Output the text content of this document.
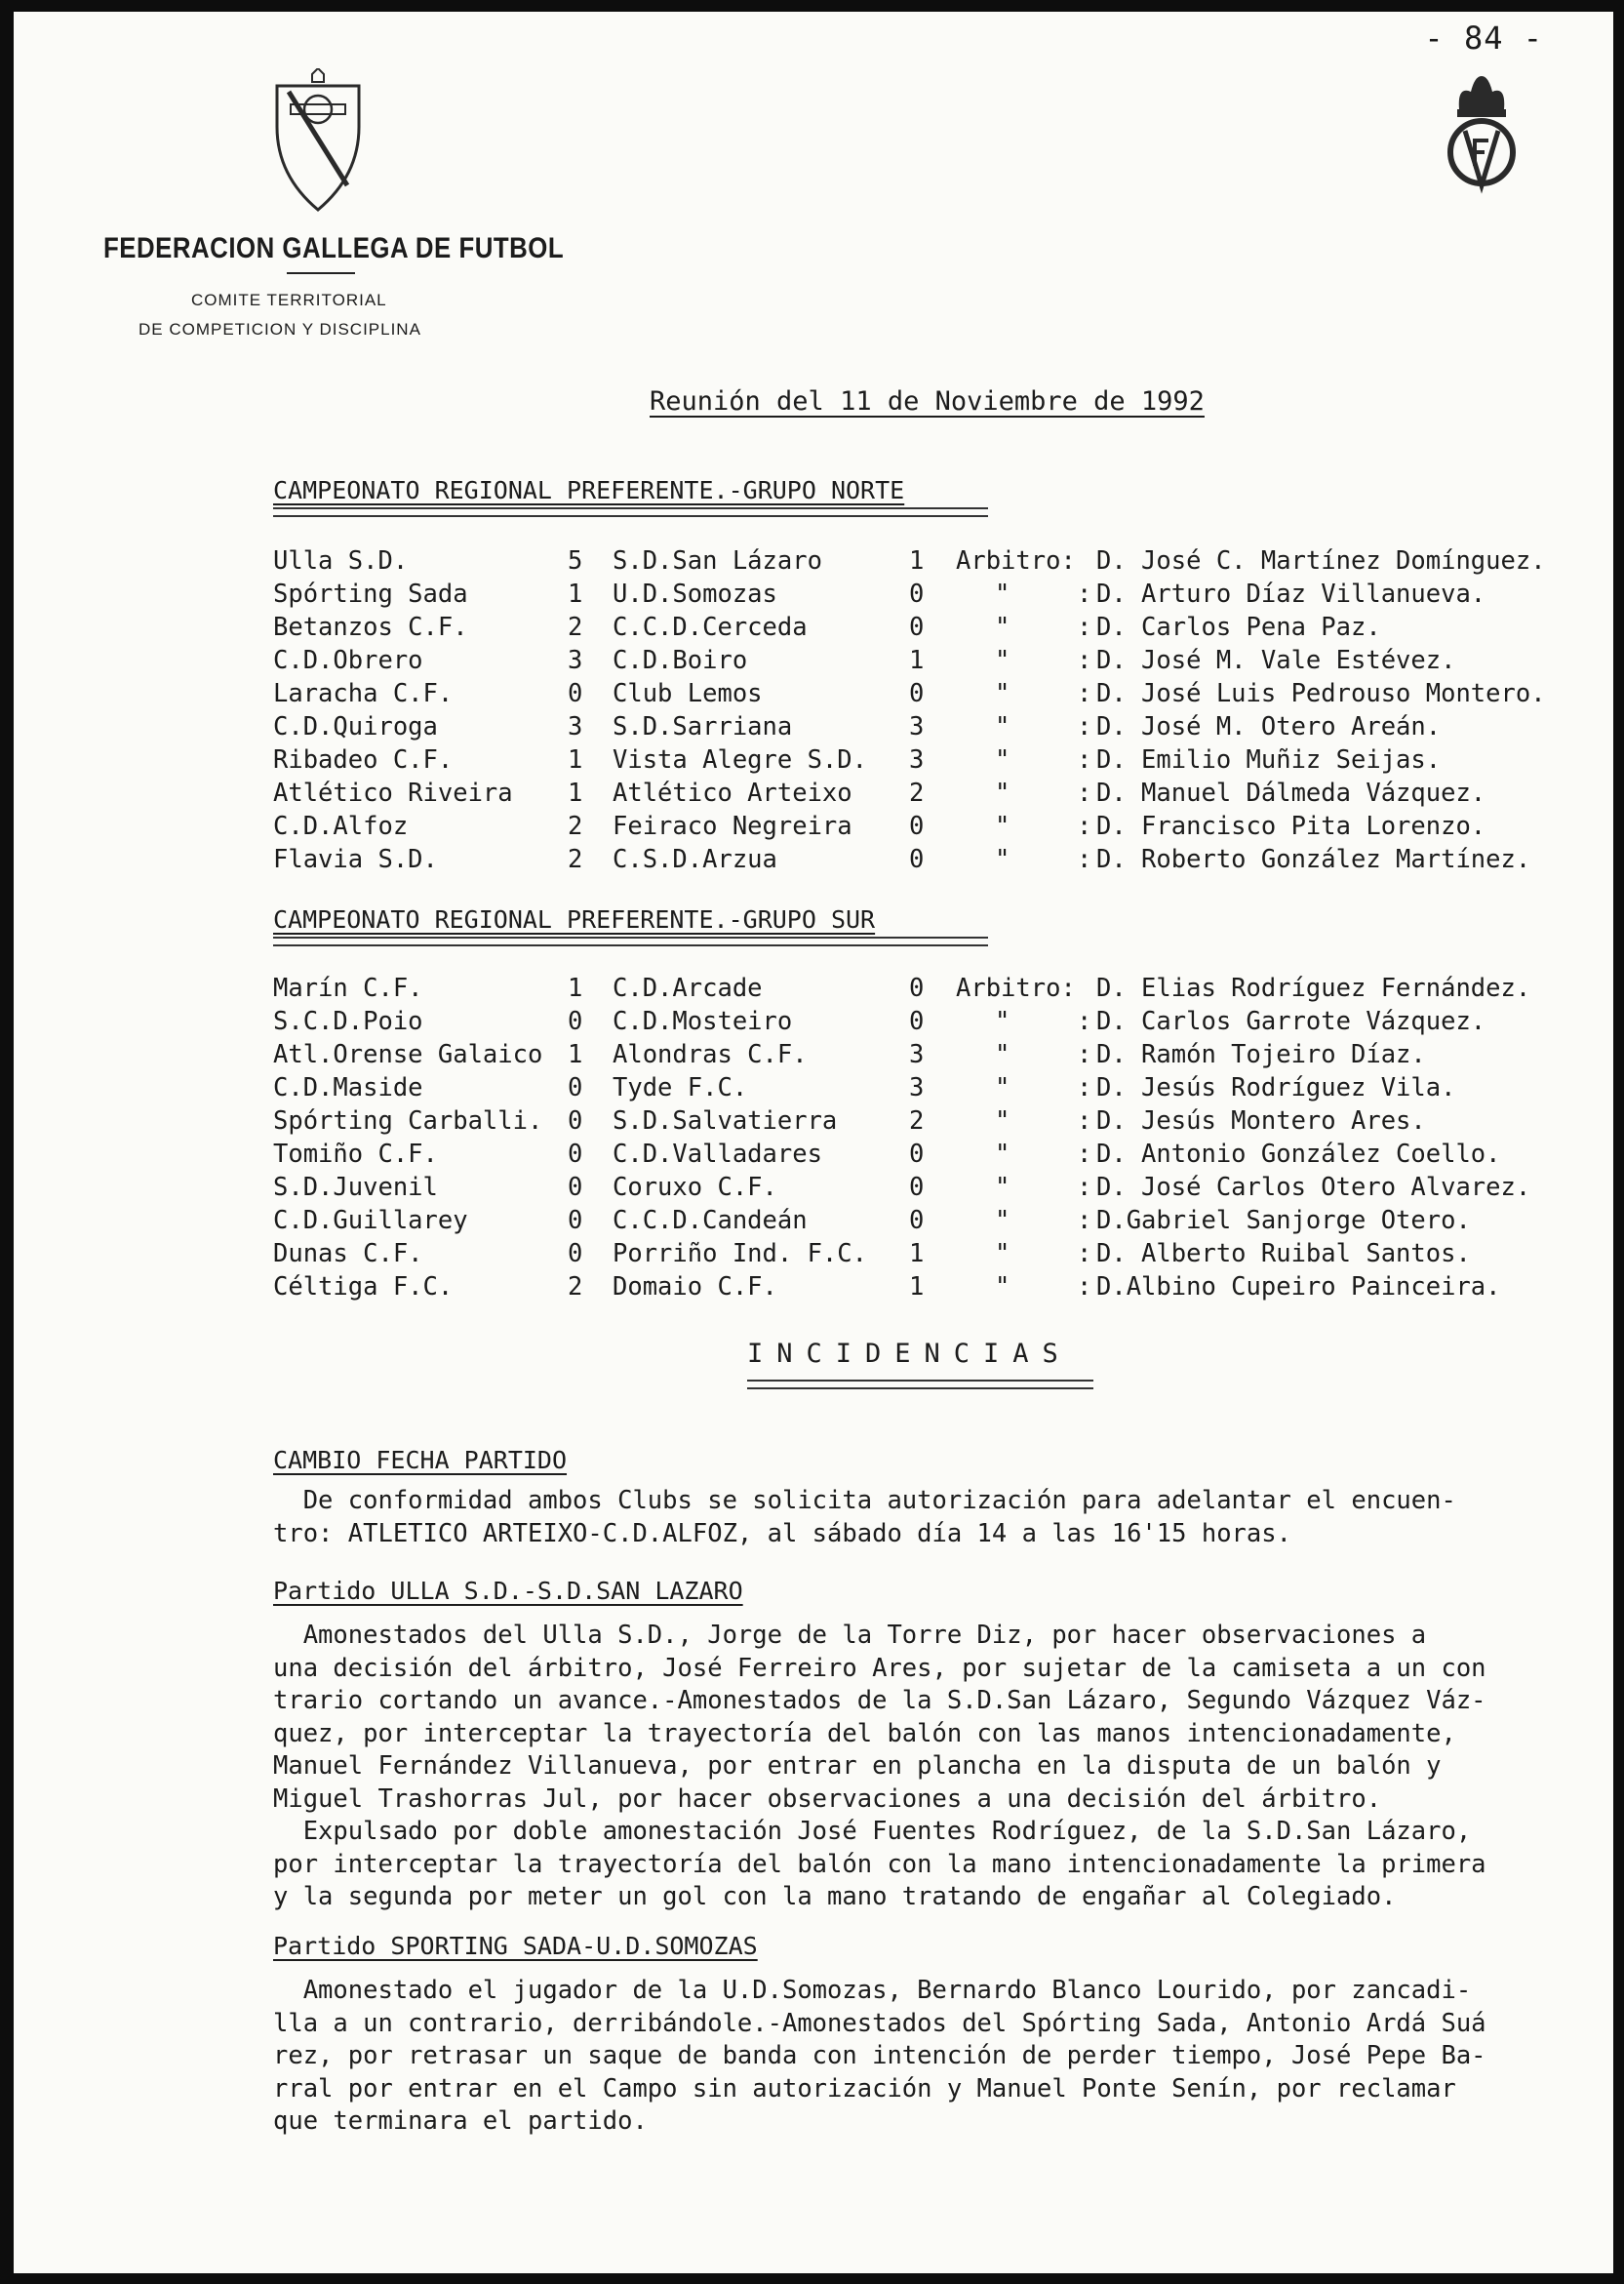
- 84 -
FEDERACION GALLEGA DE FUTBOL
COMITE TERRITORIAL
DE COMPETICION Y DISCIPLINA
Reunión del 11 de Noviembre de 1992
CAMPEONATO REGIONAL PREFERENTE.-GRUPO NORTE
Ulla S.D.	5 S.D.San Lázaro	1 Arbitro: D. José C. Martínez Domínguez.
Spórting Sada	1 U.D.Somozas	0	"	: D. Arturo Díaz Villanueva.
Betanzos C.F.	2 C.C.D.Cerceda	0	"	: D. Carlos Pena Paz.
C.D.Obrero	3 C.D.Boiro	1	"	: D. José M. Vale Estévez.
Laracha C.F.	0 Club Lemos	0	"	: D. José Luis Pedrouso Montero.
C.D.Quiroga	3 S.D.Sarriana	3	"	: D. José M. Otero Areán.
Ribadeo C.F.	1 Vista Alegre S.D. 3	"	: D. Emilio Muñiz Seijas.
Atlético Riveira 1 Atlético Arteixo 2	"	: D. Manuel Dálmeda Vázquez.
C.D.Alfoz	2 Feiraco Negreira 0	"	: D. Francisco Pita Lorenzo.
Flavia S.D.	2 C.S.D.Arzua	0	"	: D. Roberto González Martínez.
CAMPEONATO REGIONAL PREFERENTE.-GRUPO SUR
Marín C.F.	1 C.D.Arcade	0 Arbitro: D. Elias Rodríguez Fernández.
S.C.D.Poio	0 C.D.Mosteiro	0	"	: D. Carlos Garrote Vázquez.
Atl.Orense Galaico 1 Alondras C.F.	3	"	: D. Ramón Tojeiro Díaz.
C.D.Maside	0 Tyde F.C.	3	"	: D. Jesús Rodríguez Vila.
Spórting Carballi. 0 S.D.Salvatierra	2	"	: D. Jesús Montero Ares.
Tomiño C.F.	0 C.D.Valladares	0	"	: D. Antonio González Coello.
S.D.Juvenil	0 Coruxo C.F.	0	"	: D. José Carlos Otero Alvarez.
C.D.Guillarey	0 C.C.D.Candeán	0	"	: D.Gabriel Sanjorge Otero.
Dunas C.F.	0 Porriño Ind. F.C. 1	"	: D. Alberto Ruibal Santos.
Céltiga F.C.	2 Domaio C.F.	1	"	: D.Albino Cupeiro Painceira.
INCIDENCIAS
CAMBIO FECHA PARTIDO
De conformidad ambos Clubs se solicita autorización para adelantar el encuen-
tro: ATLETICO ARTEIXO-C.D.ALFOZ, al sábado día 14 a las 16'15 horas.
Partido ULLA S.D.-S.D.SAN LAZARO
Amonestados del Ulla S.D., Jorge de la Torre Diz, por hacer observaciones a
una decisión del árbitro, José Ferreiro Ares, por sujetar de la camiseta a un con
trario cortando un avance.-Amonestados de la S.D.San Lázaro, Segundo Vázquez Váz-
quez, por interceptar la trayectoría del balón con las manos intencionadamente,
Manuel Fernández Villanueva, por entrar en plancha en la disputa de un balón y
Miguel Trashorras Jul, por hacer observaciones a una decisión del árbitro.
Expulsado por doble amonestación José Fuentes Rodríguez, de la S.D.San Lázaro,
por interceptar la trayectoría del balón con la mano intencionadamente la primera
y la segunda por meter un gol con la mano tratando de engañar al Colegiado.
Partido SPORTING SADA-U.D.SOMOZAS
Amonestado el jugador de la U.D.Somozas, Bernardo Blanco Lourido, por zancadi-
lla a un contrario, derribándole.-Amonestados del Spórting Sada, Antonio Ardá Suá
rez, por retrasar un saque de banda con intención de perder tiempo, José Pepe Ba-
rral por entrar en el Campo sin autorización y Manuel Ponte Senín, por reclamar
que terminara el partido.
